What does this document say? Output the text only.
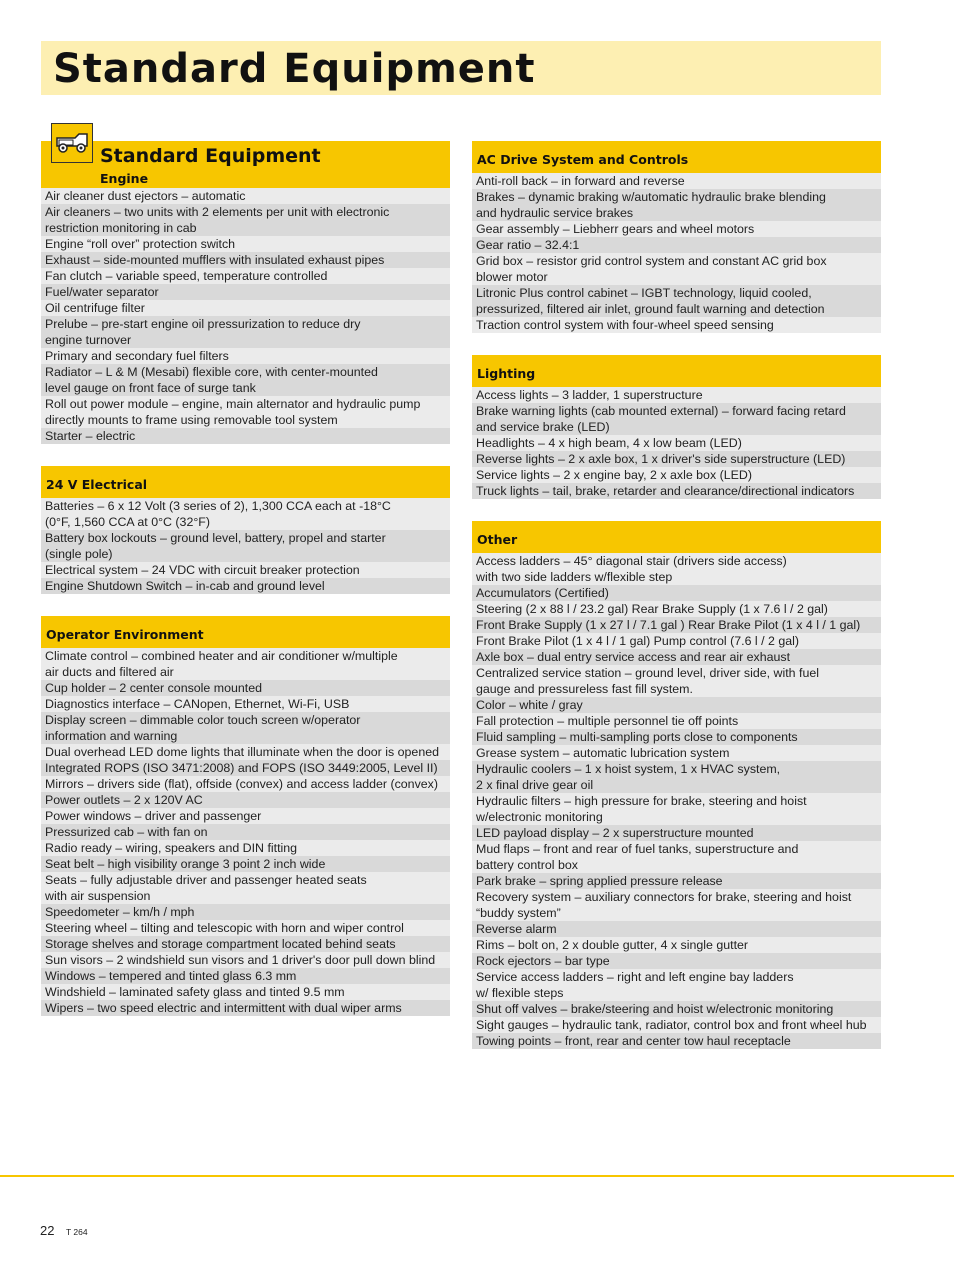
Standard Equipment
Standard Equipment
Engine
Air cleaner dust ejectors – automatic
Air cleaners – two units with 2 elements per unit with electronic
restriction monitoring in cab
Engine “roll over” protection switch
Exhaust – side-mounted mufflers with insulated exhaust pipes
Fan clutch – variable speed, temperature controlled
Fuel/water separator
Oil centrifuge filter
Prelube – pre-start engine oil pressurization to reduce dry
engine turnover
Primary and secondary fuel filters
Radiator – L & M (Mesabi) flexible core, with center-mounted
level gauge on front face of surge tank
Roll out power module – engine, main alternator and hydraulic pump
directly mounts to frame using removable tool system
Starter – electric
24 V Electrical
Batteries – 6 x 12 Volt (3 series of 2), 1,300 CCA each at -18°C
(0°F, 1,560 CCA at 0°C (32°F)
Battery box lockouts – ground level, battery, propel and starter
(single pole)
Electrical system – 24 VDC with circuit breaker protection
Engine Shutdown Switch – in-cab and ground level
Operator Environment
Climate control – combined heater and air conditioner w/multiple
air ducts and filtered air
Cup holder – 2 center console mounted
Diagnostics interface – CANopen, Ethernet, Wi-Fi, USB
Display screen – dimmable color touch screen w/operator
information and warning
Dual overhead LED dome lights that illuminate when the door is opened
Integrated ROPS (ISO 3471:2008) and FOPS (ISO 3449:2005, Level II)
Mirrors – drivers side (flat), offside (convex) and access ladder (convex)
Power outlets – 2 x 120V AC
Power windows – driver and passenger
Pressurized cab – with fan on
Radio ready – wiring, speakers and DIN fitting
Seat belt – high visibility orange 3 point 2 inch wide
Seats – fully adjustable driver and passenger heated seats
with air suspension
Speedometer – km/h / mph
Steering wheel – tilting and telescopic with horn and wiper control
Storage shelves and storage compartment located behind seats
Sun visors – 2 windshield sun visors and 1 driver's door pull down blind
Windows – tempered and tinted glass 6.3 mm
Windshield – laminated safety glass and tinted 9.5 mm
Wipers – two speed electric and intermittent with dual wiper arms
AC Drive System and Controls
Anti-roll back – in forward and reverse
Brakes – dynamic braking w/automatic hydraulic brake blending
and hydraulic service brakes
Gear assembly – Liebherr gears and wheel motors
Gear ratio – 32.4:1
Grid box – resistor grid control system and constant AC grid box
blower motor
Litronic Plus control cabinet – IGBT technology, liquid cooled,
pressurized, filtered air inlet, ground fault warning and detection
Traction control system with four-wheel speed sensing
Lighting
Access lights – 3 ladder, 1 superstructure
Brake warning lights (cab mounted external) – forward facing retard
and service brake (LED)
Headlights – 4 x high beam, 4 x low beam (LED)
Reverse lights – 2 x axle box, 1 x driver's side superstructure (LED)
Service lights – 2 x engine bay, 2 x axle box (LED)
Truck lights – tail, brake, retarder and clearance/directional indicators
Other
Access ladders – 45° diagonal stair (drivers side access)
with two side ladders w/flexible step
Accumulators (Certified)
Steering (2 x 88 l / 23.2 gal) Rear Brake Supply (1 x 7.6 l / 2 gal)
Front Brake Supply (1 x 27 l / 7.1 gal ) Rear Brake Pilot (1 x 4 l / 1 gal)
Front Brake Pilot (1 x 4 l / 1 gal) Pump control (7.6 l / 2 gal)
Axle box – dual entry service access and rear air exhaust
Centralized service station – ground level, driver side, with fuel
gauge and pressureless fast fill system.
Color – white / gray
Fall protection – multiple personnel tie off points
Fluid sampling – multi-sampling ports close to components
Grease system – automatic lubrication system
Hydraulic coolers – 1 x hoist system, 1 x HVAC system,
2 x final drive gear oil
Hydraulic filters – high pressure for brake, steering and hoist
w/electronic monitoring
LED payload display – 2 x superstructure mounted
Mud flaps – front and rear of fuel tanks, superstructure and
battery control box
Park brake – spring applied pressure release
Recovery system – auxiliary connectors for brake, steering and hoist
“buddy system”
Reverse alarm
Rims – bolt on, 2 x double gutter, 4 x single gutter
Rock ejectors – bar type
Service access ladders – right and left engine bay ladders
w/ flexible steps
Shut off valves – brake/steering and hoist w/electronic monitoring
Sight gauges – hydraulic tank, radiator, control box and front wheel hub
Towing points – front, rear and center tow haul receptacle
22 T 264
